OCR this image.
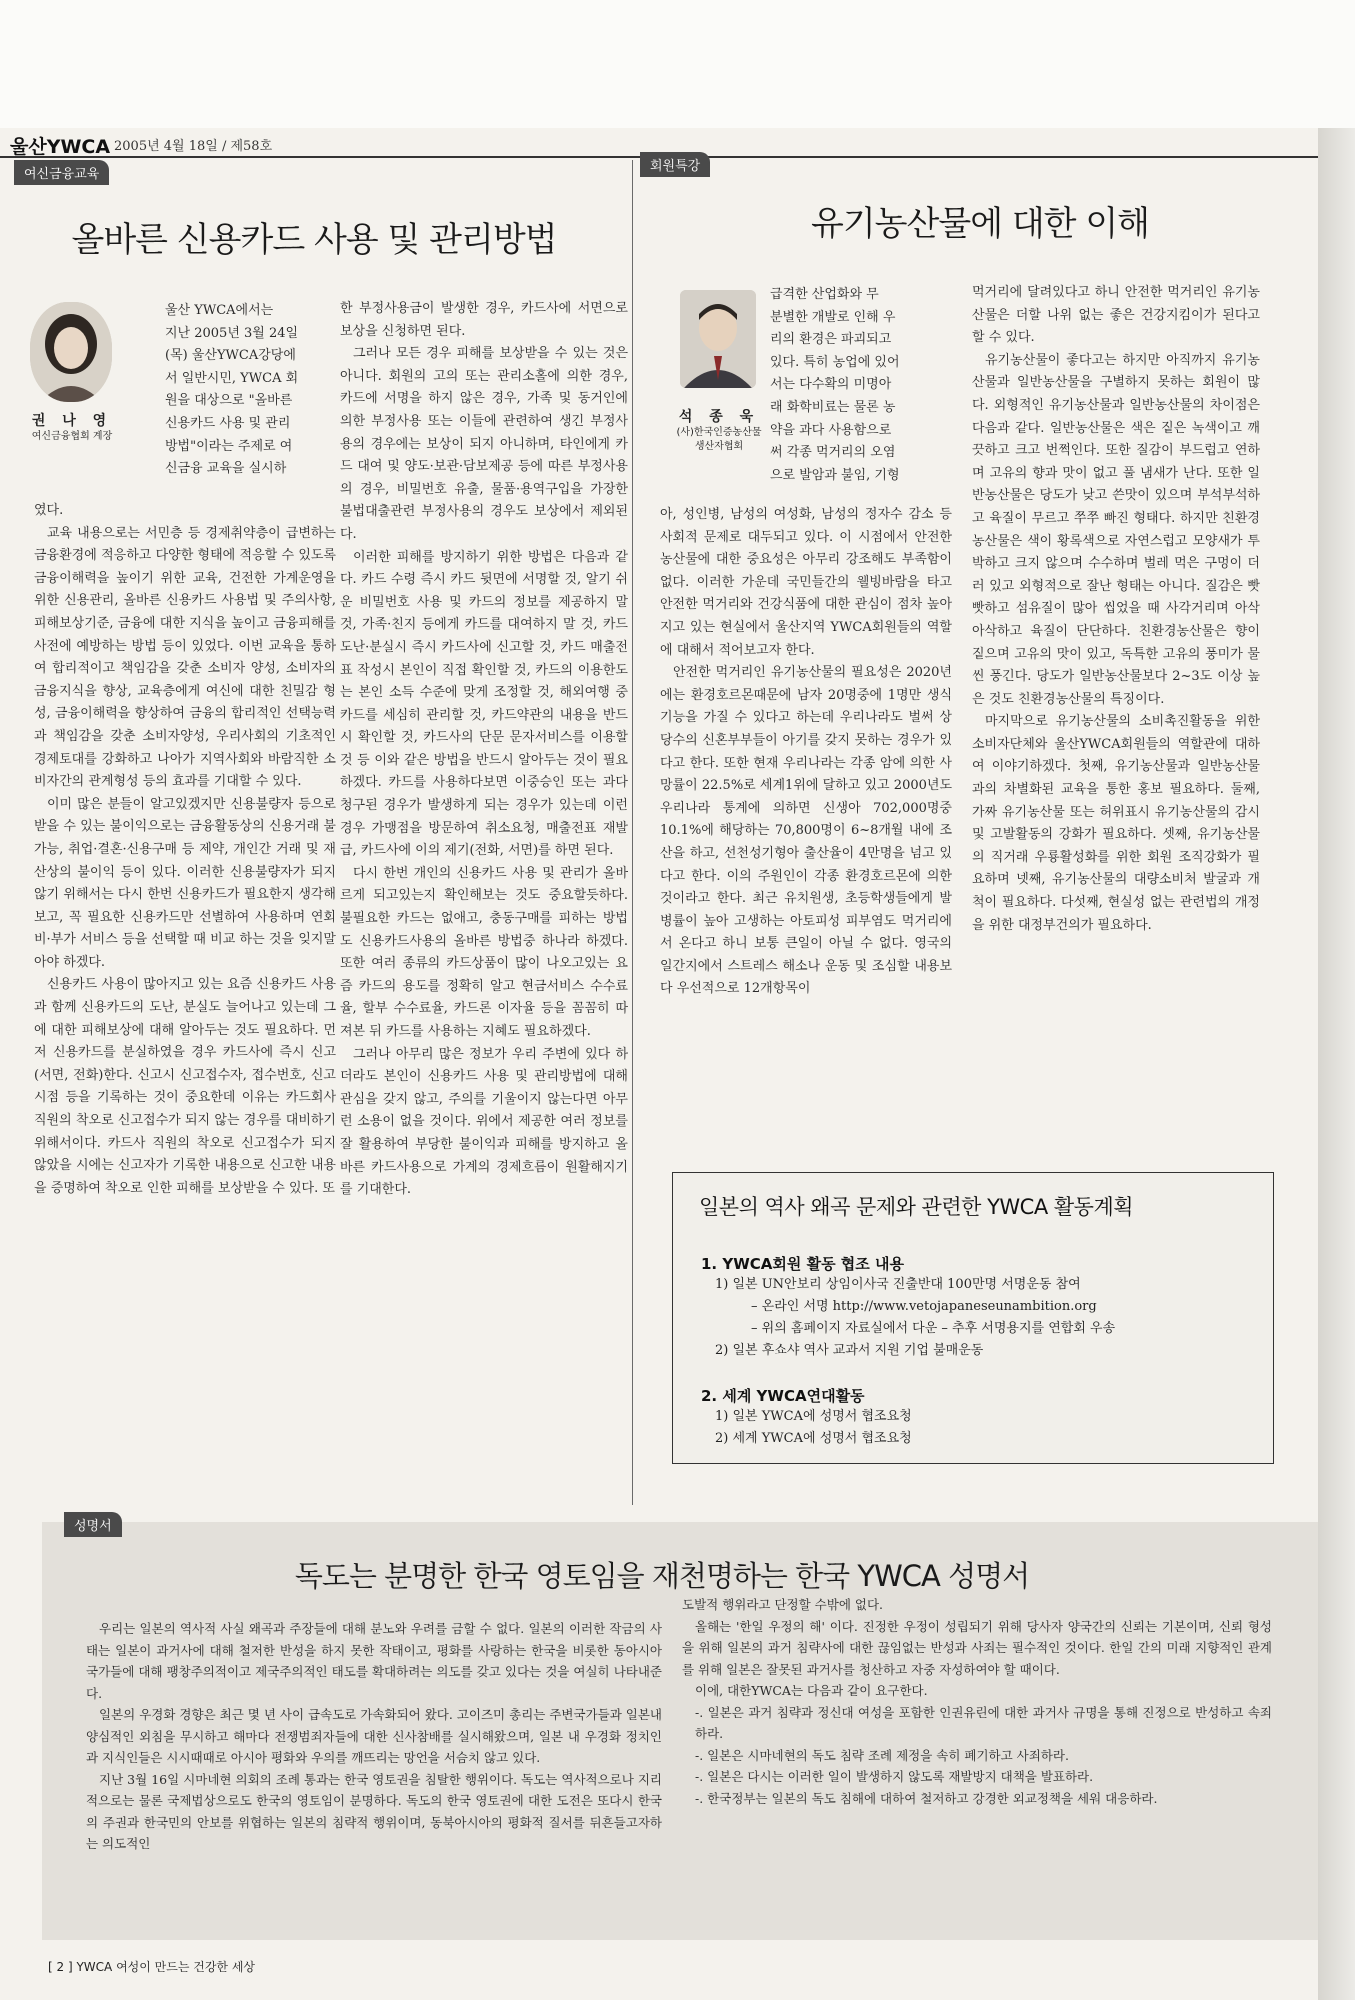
울산YWCA 2005년 4월 18일 / 제58호
여신금융교육
올바른 신용카드 사용 및 관리방법
권 나 영
여신금융협회 계장
울산 YWCA에서는
지난 2005년 3월 24일
(목) 울산YWCA강당에
서 일반시민, YWCA 회
원을 대상으로 "올바른
신용카드 사용 및 관리
방법"이라는 주제로 여
신금융 교육을 실시하

였다.

교육 내용으로는 서민층 등 경제취약층이 급변하는 금융환경에 적응하고 다양한 형태에 적응할 수 있도록 금융이해력을 높이기 위한 교육, 건전한 가계운영을 위한 신용관리, 올바른 신용카드 사용법 및 주의사항, 피해보상기준, 금융에 대한 지식을 높이고 금융피해를 사전에 예방하는 방법 등이 있었다. 이번 교육을 통하여 합리적이고 책임감을 갖춘 소비자 양성, 소비자의 금융지식을 향상, 교육층에게 여신에 대한 친밀감 형성, 금융이해력을 향상하여 금융의 합리적인 선택능력과 책임감을 갖춘 소비자양성, 우리사회의 기초적인 경제토대를 강화하고 나아가 지역사회와 바람직한 소비자간의 관계형성 등의 효과를 기대할 수 있다.

이미 많은 분들이 알고있겠지만 신용불량자 등으로 받을 수 있는 불이익으로는 금융활동상의 신용거래 불가능, 취업·결혼·신용구매 등 제약, 개인간 거래 및 재산상의 불이익 등이 있다. 이러한 신용불량자가 되지 않기 위해서는 다시 한번 신용카드가 필요한지 생각해보고, 꼭 필요한 신용카드만 선별하여 사용하며 연회비·부가 서비스 등을 선택할 때 비교 하는 것을 잊지말아야 하겠다.

신용카드 사용이 많아지고 있는 요즘 신용카드 사용과 함께 신용카드의 도난, 분실도 늘어나고 있는데 그에 대한 피해보상에 대해 알아두는 것도 필요하다. 먼저 신용카드를 분실하였을 경우 카드사에 즉시 신고(서면, 전화)한다. 신고시 신고접수자, 접수번호, 신고시점 등을 기록하는 것이 중요한데 이유는 카드회사 직원의 착오로 신고접수가 되지 않는 경우를 대비하기 위해서이다. 카드사 직원의 착오로 신고접수가 되지 않았을 시에는 신고자가 기록한 내용으로 신고한 내용을 증명하여 착오로 인한 피해를 보상받을 수 있다. 또

한 부정사용금이 발생한 경우, 카드사에 서면으로 보상을 신청하면 된다.

그러나 모든 경우 피해를 보상받을 수 있는 것은 아니다. 회원의 고의 또는 관리소홀에 의한 경우, 카드에 서명을 하지 않은 경우, 가족 및 동거인에 의한 부정사용 또는 이들에 관련하여 생긴 부정사용의 경우에는 보상이 되지 아니하며, 타인에게 카드 대여 및 양도·보관·담보제공 등에 따른 부정사용의 경우, 비밀번호 유출, 물품·용역구입을 가장한 불법대출관련 부정사용의 경우도 보상에서 제외된다.

이러한 피해를 방지하기 위한 방법은 다음과 같다. 카드 수령 즉시 카드 뒷면에 서명할 것, 알기 쉬운 비밀번호 사용 및 카드의 정보를 제공하지 말 것, 가족·친지 등에게 카드를 대여하지 말 것, 카드도난·분실시 즉시 카드사에 신고할 것, 카드 매출전표 작성시 본인이 직접 확인할 것, 카드의 이용한도는 본인 소득 수준에 맞게 조정할 것, 해외여행 중 카드를 세심히 관리할 것, 카드약관의 내용을 반드시 확인할 것, 카드사의 단문 문자서비스를 이용할 것 등 이와 같은 방법을 반드시 알아두는 것이 필요하겠다. 카드를 사용하다보면 이중승인 또는 과다청구된 경우가 발생하게 되는 경우가 있는데 이런 경우 가맹점을 방문하여 취소요청, 매출전표 재발급, 카드사에 이의 제기(전화, 서면)를 하면 된다.

다시 한번 개인의 신용카드 사용 및 관리가 올바르게 되고있는지 확인해보는 것도 중요할듯하다. 불필요한 카드는 없애고, 충동구매를 피하는 방법도 신용카드사용의 올바른 방법중 하나라 하겠다. 또한 여러 종류의 카드상품이 많이 나오고있는 요즘 카드의 용도를 정확히 알고 현금서비스 수수료율, 할부 수수료율, 카드론 이자율 등을 꼼꼼히 따져본 뒤 카드를 사용하는 지혜도 필요하겠다.

그러나 아무리 많은 정보가 우리 주변에 있다 하더라도 본인이 신용카드 사용 및 관리방법에 대해 관심을 갖지 않고, 주의를 기울이지 않는다면 아무런 소용이 없을 것이다. 위에서 제공한 여러 정보를 잘 활용하여 부당한 불이익과 피해를 방지하고 올바른 카드사용으로 가계의 경제흐름이 원활해지기를 기대한다.

회원특강
유기농산물에 대한 이해
석 종 욱
(사)한국인증농산물
생산자협회
급격한 산업화와 무
분별한 개발로 인해 우
리의 환경은 파괴되고
있다. 특히 농업에 있어
서는 다수확의 미명아
래 화학비료는 물론 농
약을 과다 사용함으로
써 각종 먹거리의 오염
으로 발암과 불임, 기형

아, 성인병, 남성의 여성화, 남성의 정자수 감소 등 사회적 문제로 대두되고 있다. 이 시점에서 안전한 농산물에 대한 중요성은 아무리 강조해도 부족함이 없다. 이러한 가운데 국민들간의 웰빙바람을 타고 안전한 먹거리와 건강식품에 대한 관심이 점차 높아지고 있는 현실에서 울산지역 YWCA회원들의 역할에 대해서 적어보고자 한다.

안전한 먹거리인 유기농산물의 필요성은 2020년에는 환경호르몬때문에 남자 20명중에 1명만 생식기능을 가질 수 있다고 하는데 우리나라도 벌써 상당수의 신혼부부들이 아기를 갖지 못하는 경우가 있다고 한다. 또한 현재 우리나라는 각종 암에 의한 사망률이 22.5%로 세계1위에 달하고 있고 2000년도 우리나라 통계에 의하면 신생아 702,000명중 10.1%에 해당하는 70,800명이 6~8개월 내에 조산을 하고, 선천성기형아 출산율이 4만명을 넘고 있다고 한다. 이의 주원인이 각종 환경호르몬에 의한 것이라고 한다. 최근 유치원생, 초등학생들에게 발병률이 높아 고생하는 아토피성 피부염도 먹거리에서 온다고 하니 보통 큰일이 아닐 수 없다. 영국의 일간지에서 스트레스 해소나 운동 및 조심할 내용보다 우선적으로 12개항목이

먹거리에 달려있다고 하니 안전한 먹거리인 유기농산물은 더할 나위 없는 좋은 건강지킴이가 된다고 할 수 있다.

유기농산물이 좋다고는 하지만 아직까지 유기농산물과 일반농산물을 구별하지 못하는 회원이 많다. 외형적인 유기농산물과 일반농산물의 차이점은 다음과 같다. 일반농산물은 색은 짙은 녹색이고 깨끗하고 크고 번쩍인다. 또한 질감이 부드럽고 연하며 고유의 향과 맛이 없고 풀 냄새가 난다. 또한 일반농산물은 당도가 낮고 쓴맛이 있으며 부석부석하고 육질이 무르고 쭈쭈 빠진 형태다. 하지만 친환경농산물은 색이 황록색으로 자연스럽고 모양새가 투박하고 크지 않으며 수수하며 벌레 먹은 구멍이 더러 있고 외형적으로 잘난 형태는 아니다. 질감은 빳빳하고 섬유질이 많아 씹었을 때 사각거리며 아삭아삭하고 육질이 단단하다. 친환경농산물은 향이 짙으며 고유의 맛이 있고, 독특한 고유의 풍미가 물씬 풍긴다. 당도가 일반농산물보다 2~3도 이상 높은 것도 친환경농산물의 특징이다.

마지막으로 유기농산물의 소비촉진활동을 위한 소비자단체와 울산YWCA회원들의 역할관에 대하여 이야기하겠다. 첫째, 유기농산물과 일반농산물과의 차별화된 교육을 통한 홍보 필요하다. 둘째, 가짜 유기농산물 또는 허위표시 유기농산물의 감시 및 고발활동의 강화가 필요하다. 셋째, 유기농산물의 직거래 우룡활성화를 위한 회원 조직강화가 필요하며 넷째, 유기농산물의 대량소비처 발굴과 개척이 필요하다. 다섯째, 현실성 없는 관련법의 개정을 위한 대정부건의가 필요하다.

일본의 역사 왜곡 문제와 관련한 YWCA 활동계획

1. YWCA회원 활동 협조 내용

1) 일본 UN안보리 상임이사국 진출반대 100만명 서명운동 참여

– 온라인 서명 http://www.vetojapaneseunambition.org

– 위의 홈페이지 자료실에서 다운 – 추후 서명용지를 연합회 우송

2) 일본 후쇼샤 역사 교과서 지원 기업 불매운동

2. 세계 YWCA연대활동

1) 일본 YWCA에 성명서 협조요청

2) 세계 YWCA에 성명서 협조요청

성명서
독도는 분명한 한국 영토임을 재천명하는 한국 YWCA 성명서

우리는 일본의 역사적 사실 왜곡과 주장들에 대해 분노와 우려를 금할 수 없다. 일본의 이러한 작금의 사태는 일본이 과거사에 대해 철저한 반성을 하지 못한 작태이고, 평화를 사랑하는 한국을 비롯한 동아시아 국가들에 대해 팽창주의적이고 제국주의적인 태도를 확대하려는 의도를 갖고 있다는 것을 여실히 나타내준다.

일본의 우경화 경향은 최근 몇 년 사이 급속도로 가속화되어 왔다. 고이즈미 총리는 주변국가들과 일본내 양심적인 외침을 무시하고 해마다 전쟁범죄자들에 대한 신사참배를 실시해왔으며, 일본 내 우경화 정치인과 지식인들은 시시때때로 아시아 평화와 우의를 깨뜨리는 망언을 서슴치 않고 있다.

지난 3월 16일 시마네현 의회의 조례 통과는 한국 영토권을 침탈한 행위이다. 독도는 역사적으로나 지리적으로는 물론 국제법상으로도 한국의 영토임이 분명하다. 독도의 한국 영토권에 대한 도전은 또다시 한국의 주권과 한국민의 안보를 위협하는 일본의 침략적 행위이며, 동북아시아의 평화적 질서를 뒤흔들고자하는 의도적인

도발적 행위라고 단정할 수밖에 없다.

올해는 '한일 우정의 해' 이다. 진정한 우정이 성립되기 위해 당사자 양국간의 신뢰는 기본이며, 신뢰 형성을 위해 일본의 과거 침략사에 대한 끊임없는 반성과 사죄는 필수적인 것이다. 한일 간의 미래 지향적인 관계를 위해 일본은 잘못된 과거사를 청산하고 자중 자성하여야 할 때이다.

이에, 대한YWCA는 다음과 같이 요구한다.

-. 일본은 과거 침략과 정신대 여성을 포함한 인권유린에 대한 과거사 규명을 통해 진정으로 반성하고 속죄하라.

-. 일본은 시마네현의 독도 침략 조례 제정을 속히 폐기하고 사죄하라.

-. 일본은 다시는 이러한 일이 발생하지 않도록 재발방지 대책을 발표하라.

-. 한국정부는 일본의 독도 침해에 대하여 철저하고 강경한 외교정책을 세워 대응하라.

[ 2 ] YWCA 여성이 만드는 건강한 세상
